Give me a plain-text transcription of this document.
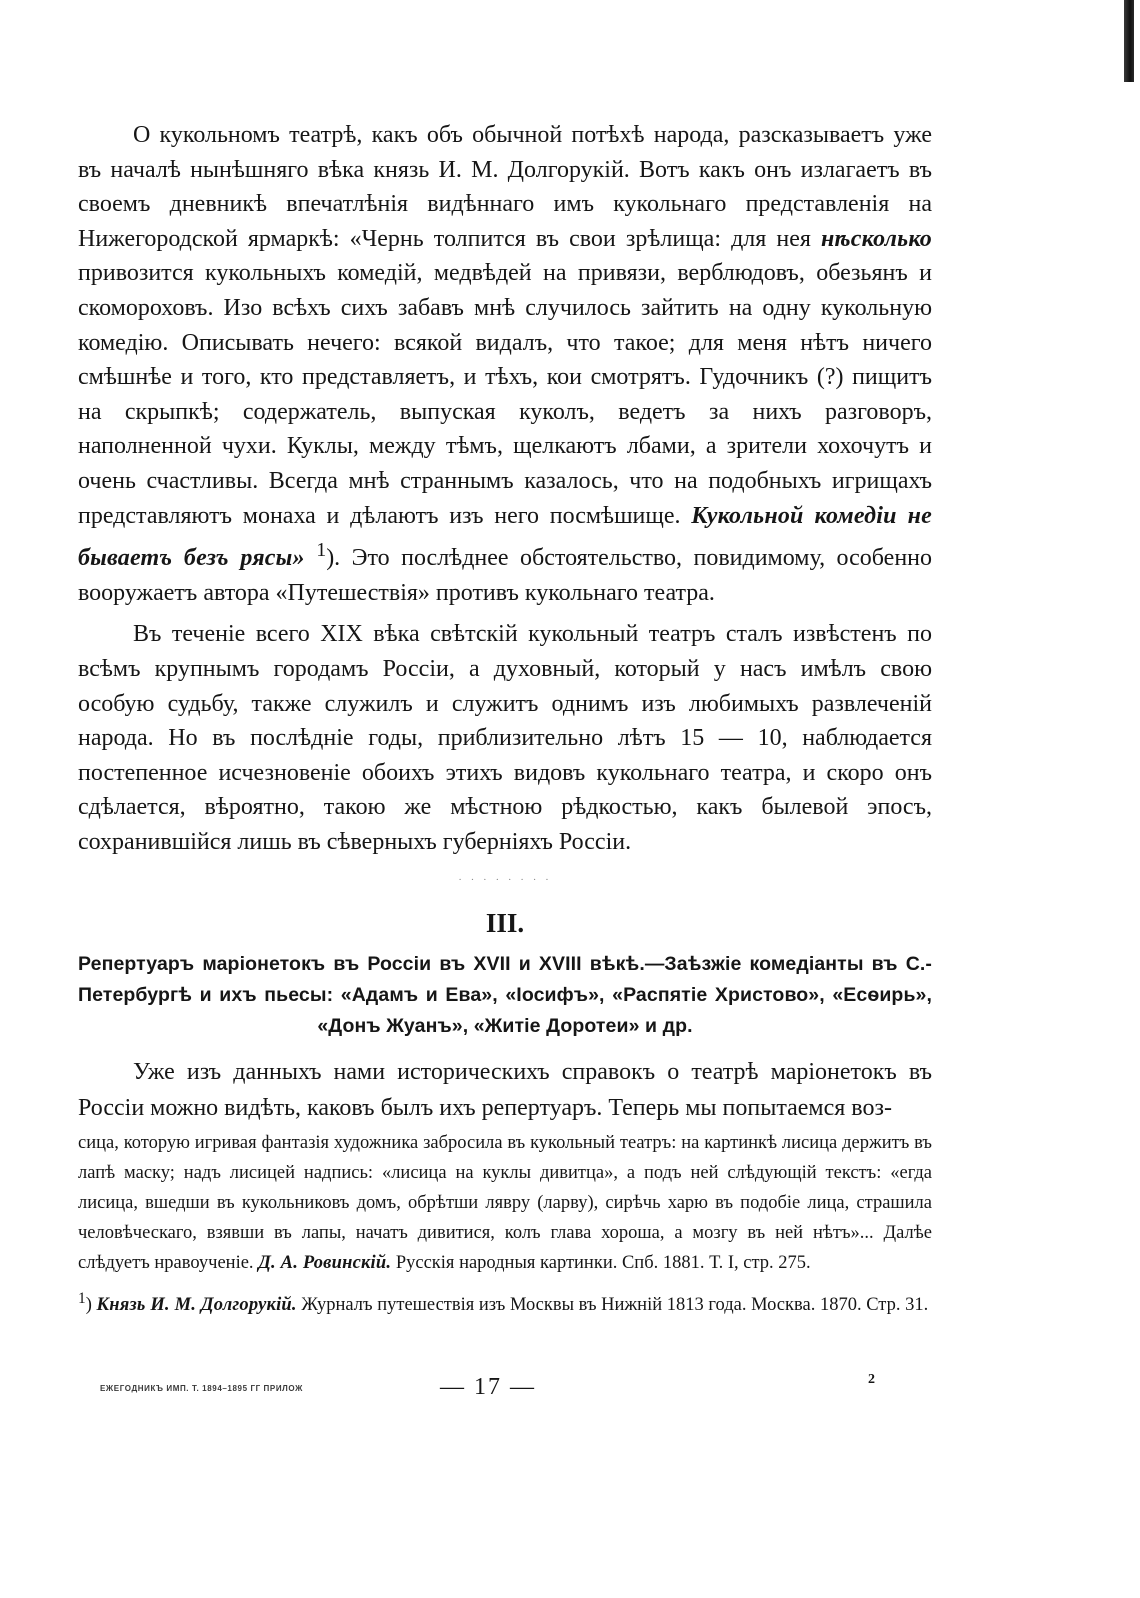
О кукольномъ театрѣ, какъ объ обычной потѣхѣ народа, разсказываетъ уже въ началѣ нынѣшняго вѣка князь И. М. Долгорукій. Вотъ какъ онъ излагаетъ въ своемъ дневникѣ впечатлѣнія видѣннаго имъ кукольнаго представленія на Нижегородской ярмаркѣ: «Чернь толпится въ свои зрѣлища: для нея нѣсколько привозится кукольныхъ комедій, медвѣдей на привязи, верблюдовъ, обезьянъ и скомороховъ. Изо всѣхъ сихъ забавъ мнѣ случилось зайтить на одну кукольную комедію. Описывать нечего: всякой видалъ, что такое; для меня нѣтъ ничего смѣшнѣе и того, кто представляетъ, и тѣхъ, кои смотрятъ. Гудочникъ (?) пищитъ на скрыпкѣ; содержатель, выпуская куколъ, ведетъ за нихъ разговоръ, наполненной чухи. Куклы, между тѣмъ, щелкаютъ лбами, а зрители хохочутъ и очень счастливы. Всегда мнѣ страннымъ казалось, что на подобныхъ игрищахъ представляютъ монаха и дѣлаютъ изъ него посмѣшище. Кукольной комедіи не бываетъ безъ рясы» $^1$). Это послѣднее обстоятельство, повидимому, особенно вооружаетъ автора «Путешествія» противъ кукольнаго театра.

Въ теченіе всего XIX вѣка свѣтскій кукольный театръ сталъ извѣстенъ по всѣмъ крупнымъ городамъ Россіи, а духовный, который у насъ имѣлъ свою особую судьбу, также служилъ и служитъ однимъ изъ любимыхъ развлеченій народа. Но въ послѣдніе годы, приблизительно лѣтъ 15 — 10, наблюдается постепенное исчезновеніе обоихъ этихъ видовъ кукольнаго театра, и скоро онъ сдѣлается, вѣроятно, такою же мѣстною рѣдкостью, какъ былевой эпосъ, сохранившійся лишь въ сѣверныхъ губерніяхъ Россіи.

· · · · · · · ·
III.
Репертуаръ маріонетокъ въ Россіи въ XVII и XVIII вѣкѣ.—Заѣзжіе комедіанты въ С.-Петербургѣ и ихъ пьесы: «Адамъ и Ева», «Іосифъ», «Распятіе Христово», «Есѳирь», «Донъ Жуанъ», «Житіе Доротеи» и др.

Уже изъ данныхъ нами историческихъ справокъ о театрѣ маріонетокъ въ Россіи можно видѣть, каковъ былъ ихъ репертуаръ. Теперь мы попытаемся воз-

сица, которую игривая фантазія художника забросила въ кукольный театръ: на картинкѣ лисица держитъ въ лапѣ маску; надъ лисицей надпись: «лисица на куклы дивитца», а подъ ней слѣдующій текстъ: «егда лисица, вшедши въ кукольниковъ домъ, обрѣтши лявру (ларву), сирѣчь харю въ подобіе лица, страшила человѣческаго, взявши въ лапы, начатъ дивитися, колъ глава хороша, а мозгу въ ней нѣтъ»... Далѣе слѣдуетъ нравоученіе. Д. А. Ровинскій. Русскія народныя картинки. Спб. 1881. Т. I, стр. 275.

$^1$) Князь И. М. Долгорукій. Журналъ путешествія изъ Москвы въ Нижній 1813 года. Москва. 1870. Стр. 31.

ЕЖЕГОДНИКЪ ИМП. Т. 1894–1895 ГГ ПРИЛОЖ	— 17 —	2
